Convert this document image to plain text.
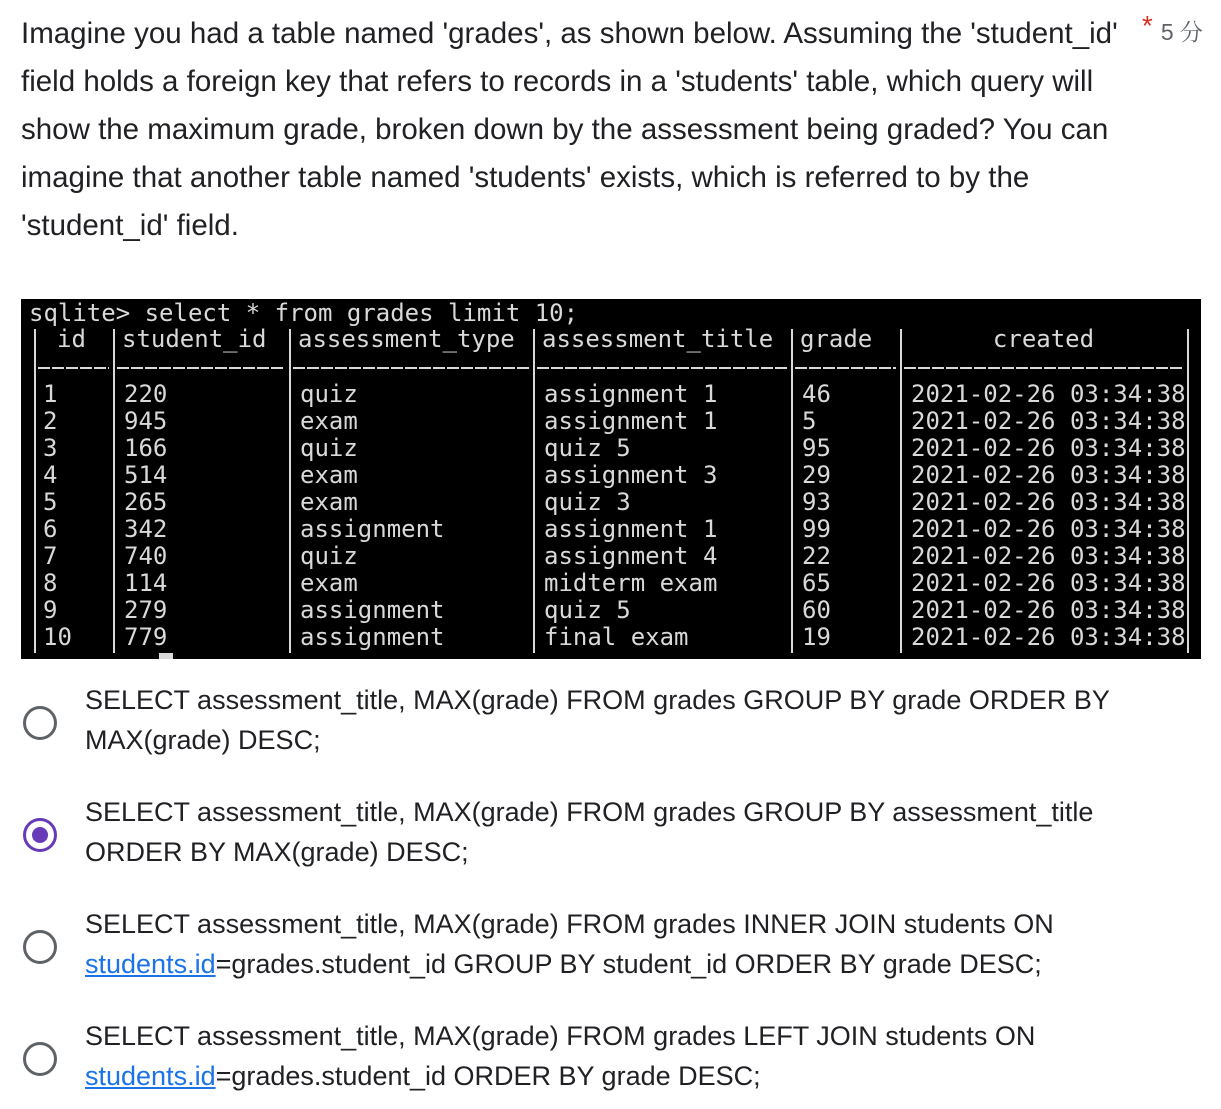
Imagine you had a table named 'grades', as shown below. Assuming the 'student_id' field holds a foreign key that refers to records in a 'students' table, which query will show the maximum grade, broken down by the assessment being graded? You can imagine that another table named 'students' exists, which is referred to by the 'student_id' field.

* 5 分
sqlite> select * from grades limit 10;
id student_id assessment_type assessment_title grade	created
1	220	quiz	assignment 1	46	2021-02-26 03:34:38
2	945	exam	assignment 1	5	2021-02-26 03:34:38
3	166	quiz	quiz 5	95	2021-02-26 03:34:38
4	514	exam	assignment 3	29	2021-02-26 03:34:38
5	265	exam	quiz 3	93	2021-02-26 03:34:38
6	342	assignment	assignment 1	99	2021-02-26 03:34:38
7	740	quiz	assignment 4	22	2021-02-26 03:34:38
8	114	exam	midterm exam	65	2021-02-26 03:34:38
9	279	assignment	quiz 5	60	2021-02-26 03:34:38
10 779	assignment	final exam	19	2021-02-26 03:34:38
SELECT assessment_title, MAX(grade) FROM grades GROUP BY grade ORDER BY MAX(grade) DESC;
SELECT assessment_title, MAX(grade) FROM grades GROUP BY assessment_title ORDER BY MAX(grade) DESC;
SELECT assessment_title, MAX(grade) FROM grades INNER JOIN students ON students.id=grades.student_id GROUP BY student_id ORDER BY grade DESC;
SELECT assessment_title, MAX(grade) FROM grades LEFT JOIN students ON students.id=grades.student_id ORDER BY grade DESC;
